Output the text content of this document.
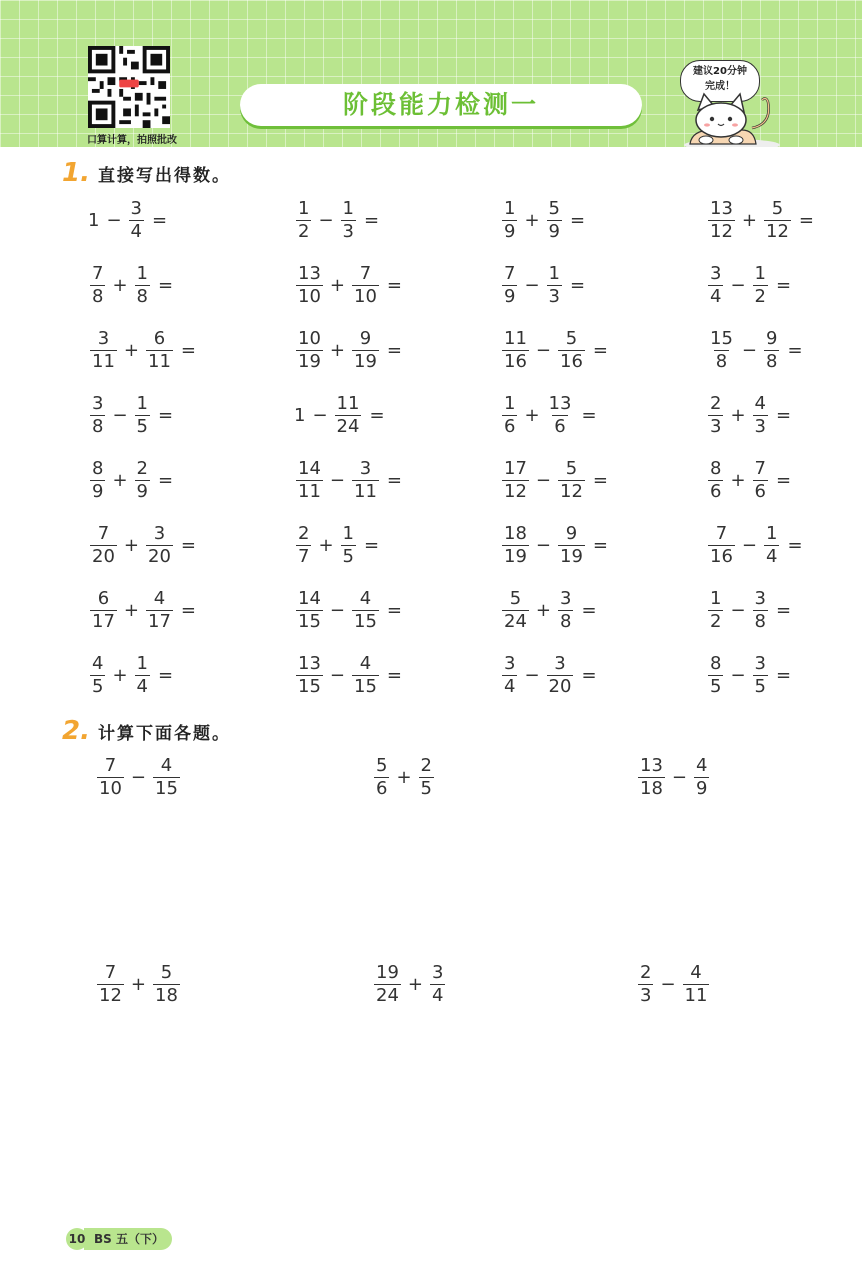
口算计算，拍照批改
阶段能力检测一
建议20分钟
完成！
1. 直接写出得数。
$1 - \frac{3}{4}$ =	$\frac{1}{2} - \frac{1}{3}$ =	$\frac{1}{9} + \frac{5}{9}$ =	$\frac{13}{12} + \frac{5}{12}$ =
$\frac{7}{8} + \frac{1}{8}$ =	$\frac{13}{10} + \frac{7}{10}$ =	$\frac{7}{9} - \frac{1}{3}$ =	$\frac{3}{4} - \frac{1}{2}$ =
$\frac{3}{11} + \frac{6}{11}$ =	$\frac{10}{19} + \frac{9}{19}$ =	$\frac{11}{16} - \frac{5}{16}$ =	$\frac{15}{8} - \frac{9}{8}$ =
$\frac{3}{8} - \frac{1}{5}$ =	$1 - \frac{11}{24}$ =	$\frac{1}{6} + \frac{13}{6}$ =	$\frac{2}{3} + \frac{4}{3}$ =
$\frac{8}{9} + \frac{2}{9}$ =	$\frac{14}{11} - \frac{3}{11}$ =	$\frac{17}{12} - \frac{5}{12}$ =	$\frac{8}{6} + \frac{7}{6}$ =
$\frac{7}{20} + \frac{3}{20}$ =	$\frac{2}{7} + \frac{1}{5}$ =	$\frac{18}{19} - \frac{9}{19}$ =	$\frac{7}{16} - \frac{1}{4}$ =
$\frac{6}{17} + \frac{4}{17}$ =	$\frac{14}{15} - \frac{4}{15}$ =	$\frac{5}{24} + \frac{3}{8}$ =	$\frac{1}{2} - \frac{3}{8}$ =
$\frac{4}{5} + \frac{1}{4}$ =	$\frac{13}{15} - \frac{4}{15}$ =	$\frac{3}{4} - \frac{3}{20}$ =	$\frac{8}{5} - \frac{3}{5}$ =
2. 计算下面各题。
$\frac{7}{10} - \frac{4}{15}$	$\frac{5}{6} + \frac{2}{5}$	$\frac{13}{18} - \frac{4}{9}$
$\frac{7}{12} + \frac{5}{18}$	$\frac{19}{24} + \frac{3}{4}$	$\frac{2}{3} - \frac{4}{11}$
BS 五（下）
10
